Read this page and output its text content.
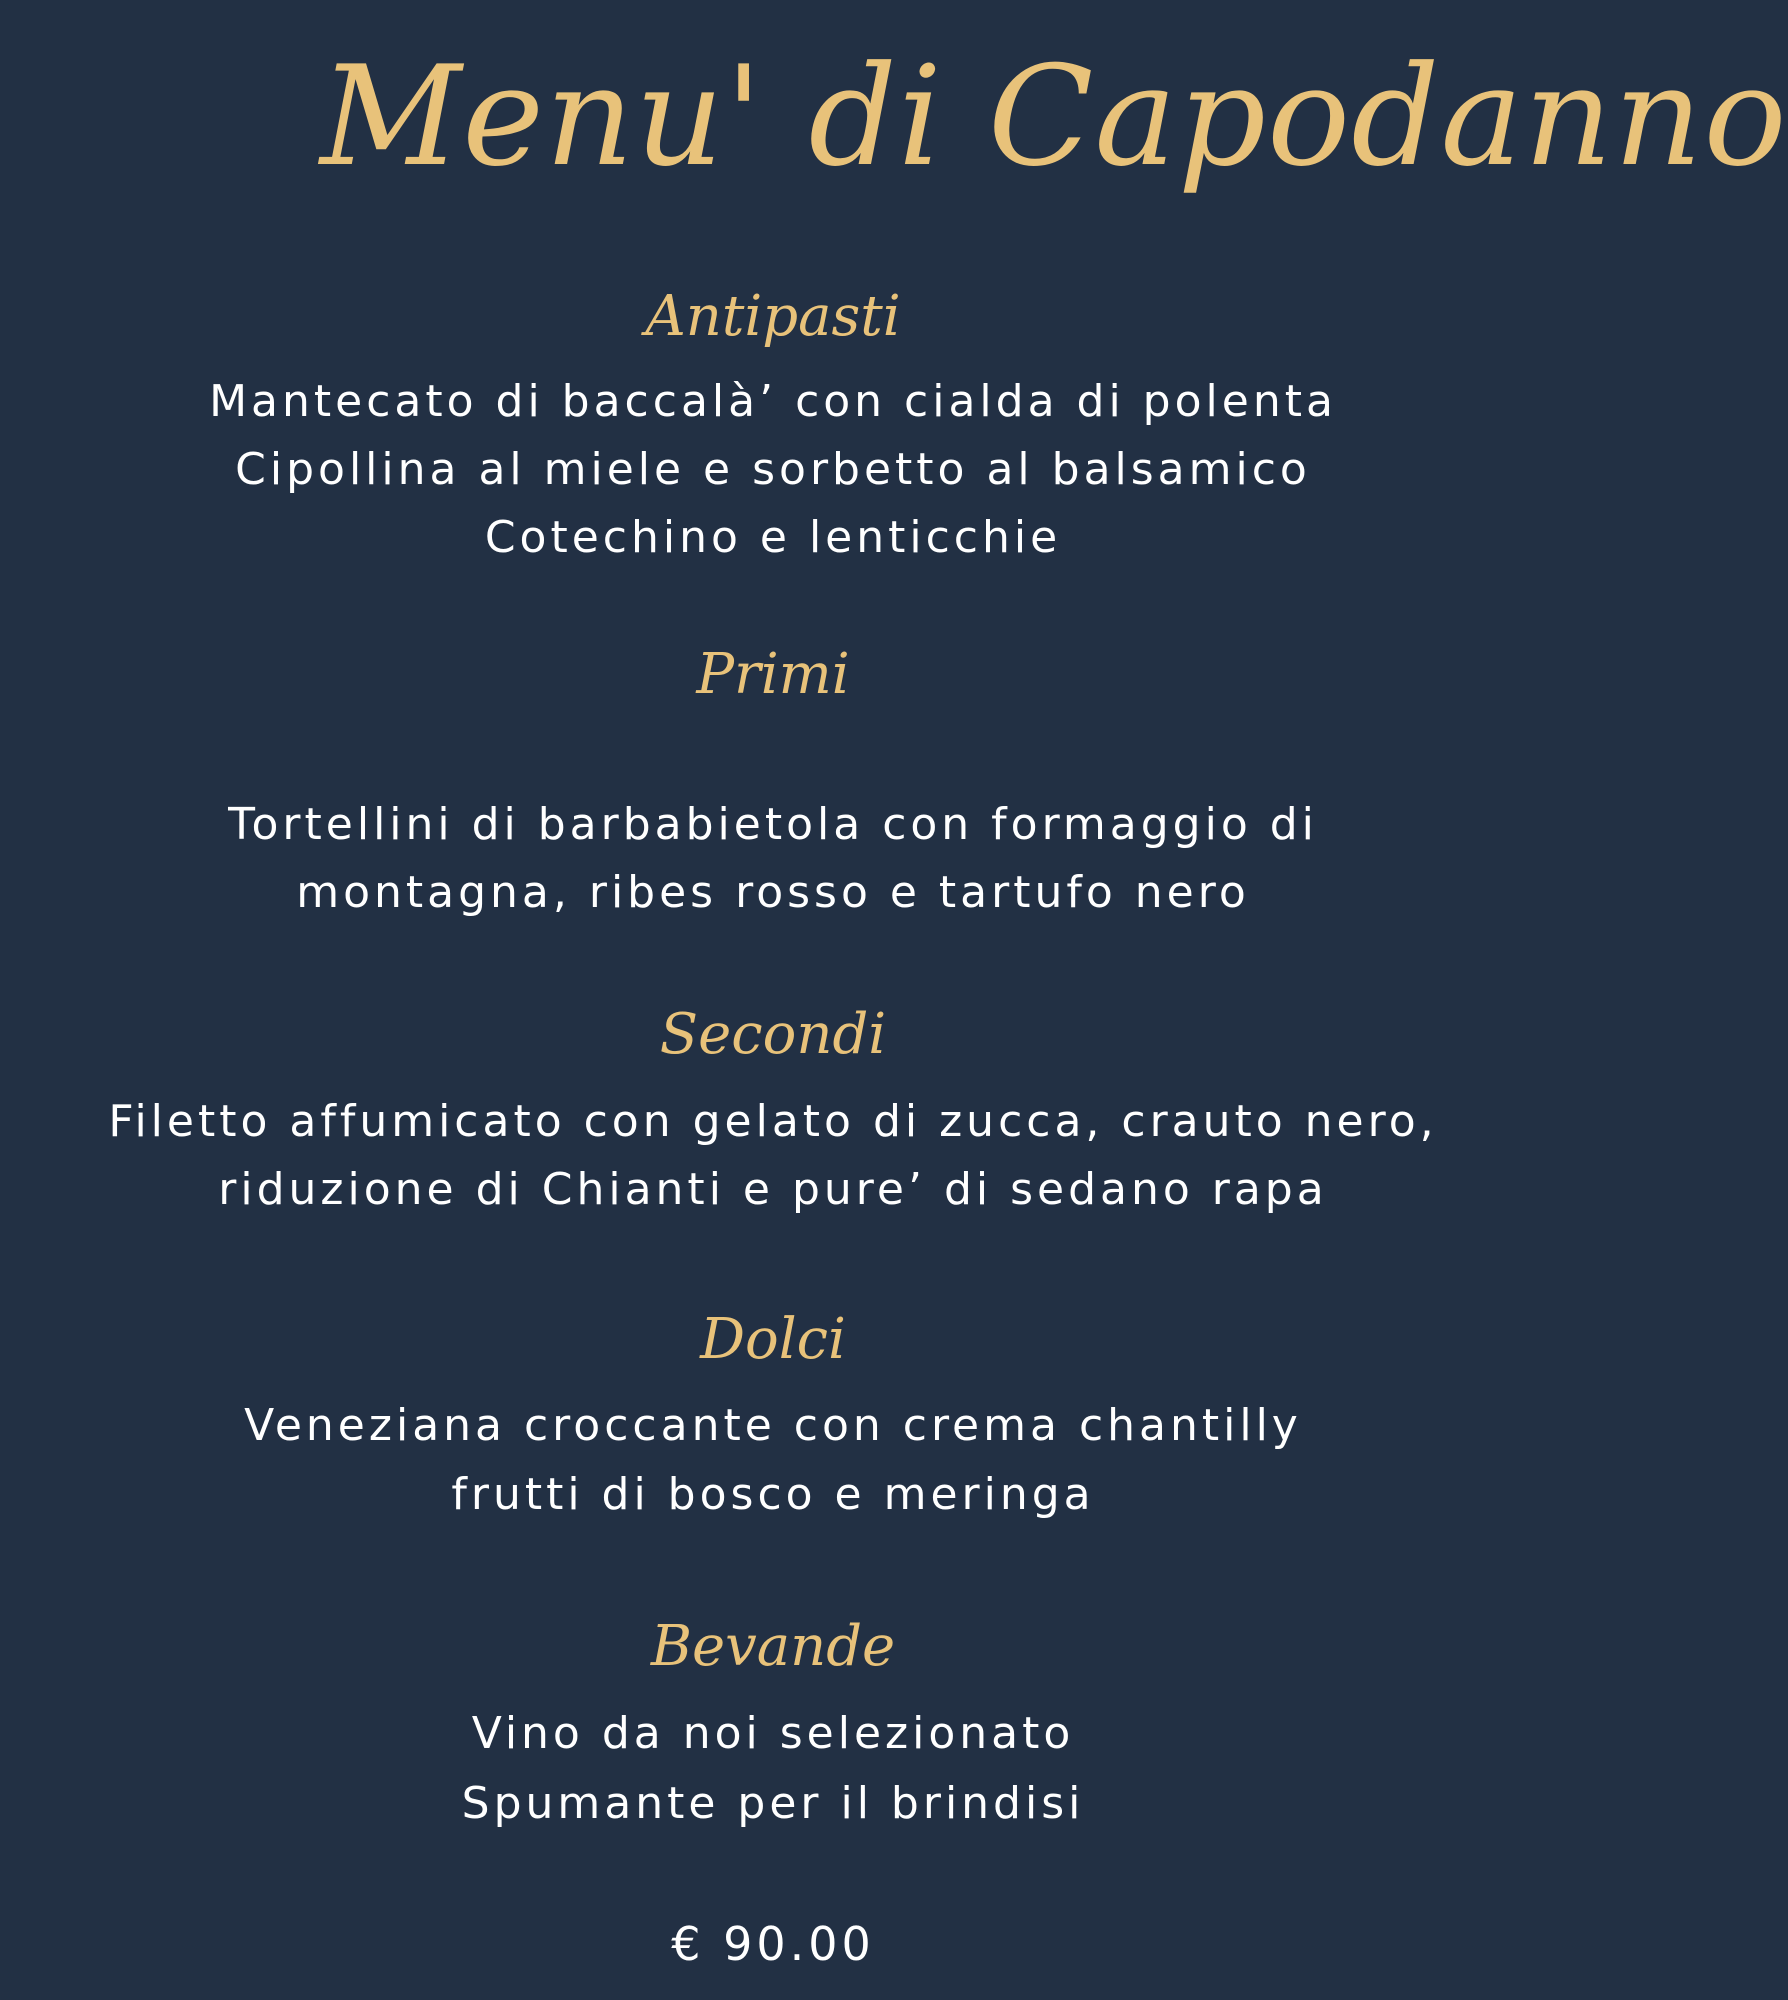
Menu' di Capodanno
Antipasti
Mantecato di baccalà’ con cialda di polenta
Cipollina al miele e sorbetto al balsamico
Cotechino e lenticchie
Primi
Tortellini di barbabietola con formaggio di
montagna, ribes rosso e tartufo nero
Secondi
Filetto affumicato con gelato di zucca, crauto nero,
riduzione di Chianti e pure’ di sedano rapa
Dolci
Veneziana croccante con crema chantilly
frutti di bosco e meringa
Bevande
Vino da noi selezionato
Spumante per il brindisi
€ 90.00
